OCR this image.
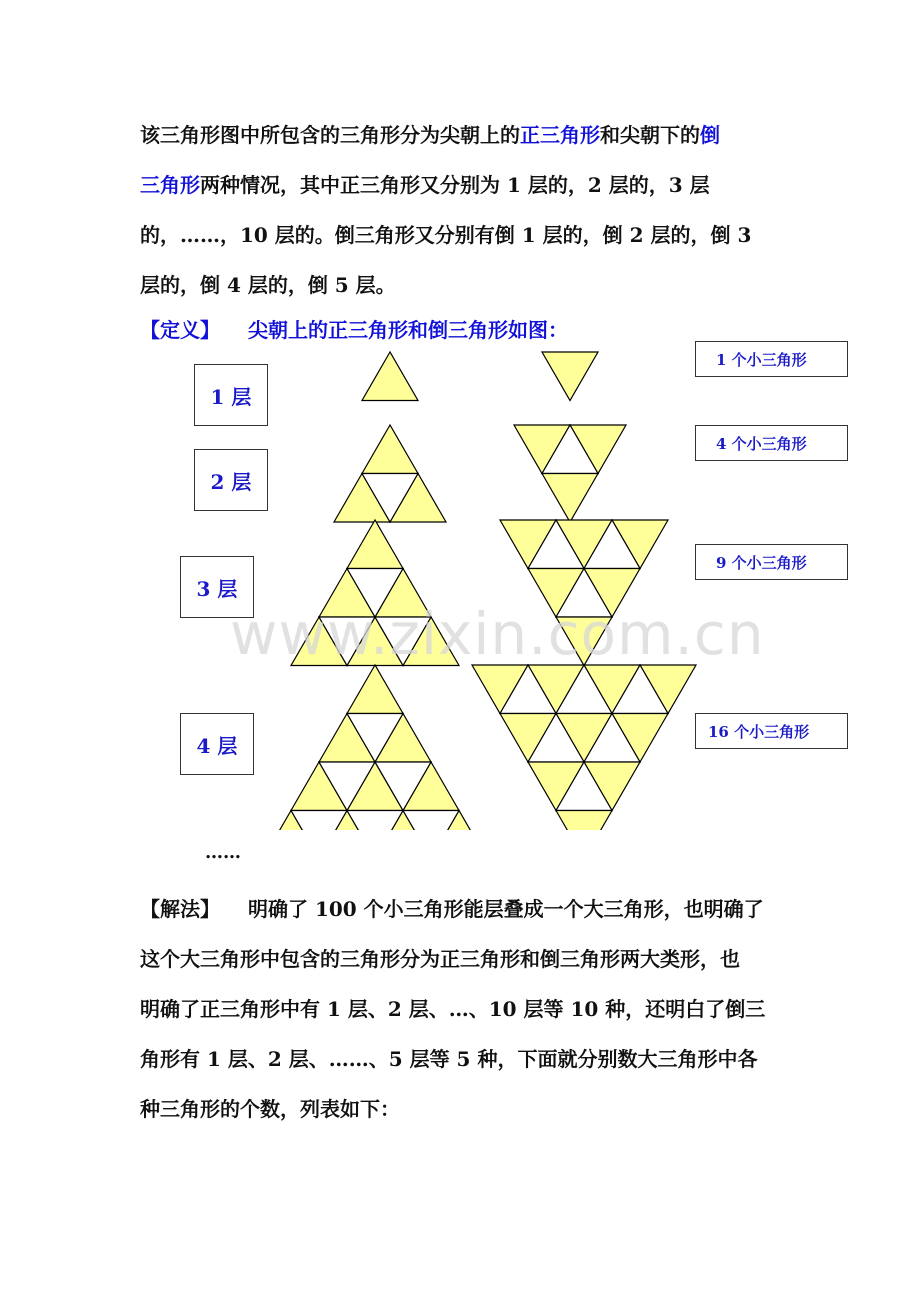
该三角形图中所包含的三角形分为尖朝上的正三角形和尖朝下的倒

三角形两种情况，其中正三角形又分别为 1 层的，2 层的，3 层

的，……，10 层的。倒三角形又分别有倒 1 层的，倒 2 层的，倒 3

层的，倒 4 层的，倒 5 层。

【定义】 尖朝上的正三角形和倒三角形如图：
1 层
2 层
3 层
4 层
1 个小三角形
4 个小三角形
9 个小三角形
16 个小三角形
……
www.zixin.com.cn

【解法】 明确了 100 个小三角形能层叠成一个大三角形，也明确了

这个大三角形中包含的三角形分为正三角形和倒三角形两大类形，也

明确了正三角形中有 1 层、2 层、…、10 层等 10 种，还明白了倒三

角形有 1 层、2 层、……、5 层等 5 种，下面就分别数大三角形中各

种三角形的个数，列表如下：
